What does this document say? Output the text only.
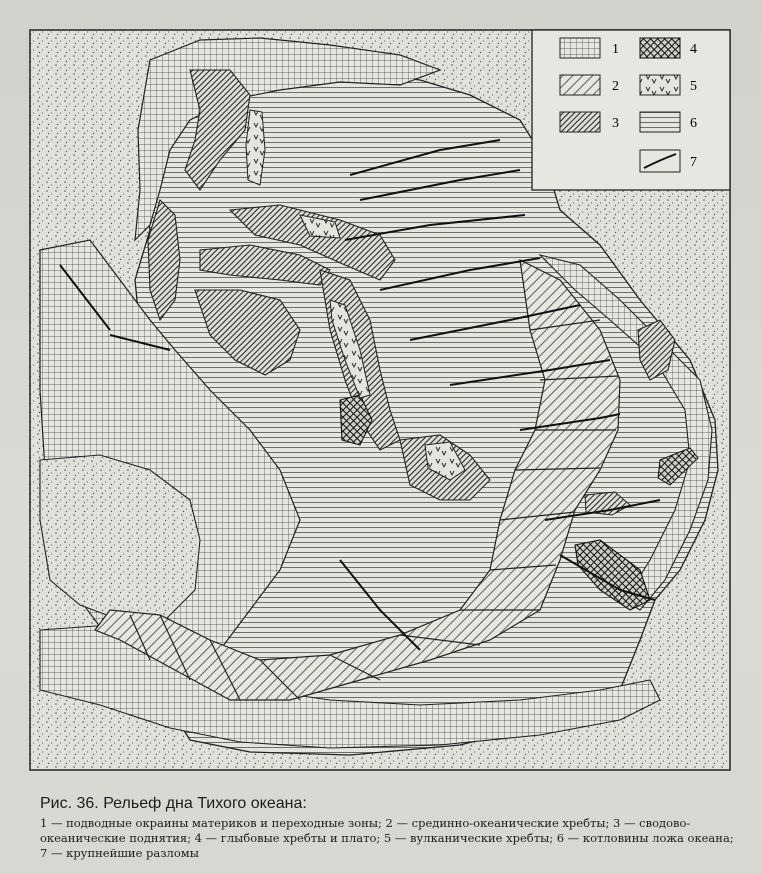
1
2
3
4
5
6
7
Рис. 36. Рельеф дна Тихого океана:
1 — подводные окраины материков и переходные зоны; 2 — срединно-океанические хребты; 3 — сводово-океанические поднятия; 4 — глыбовые хребты и плато; 5 — вулканические хребты; 6 — котловины ложа океана; 7 — крупнейшие разломы
